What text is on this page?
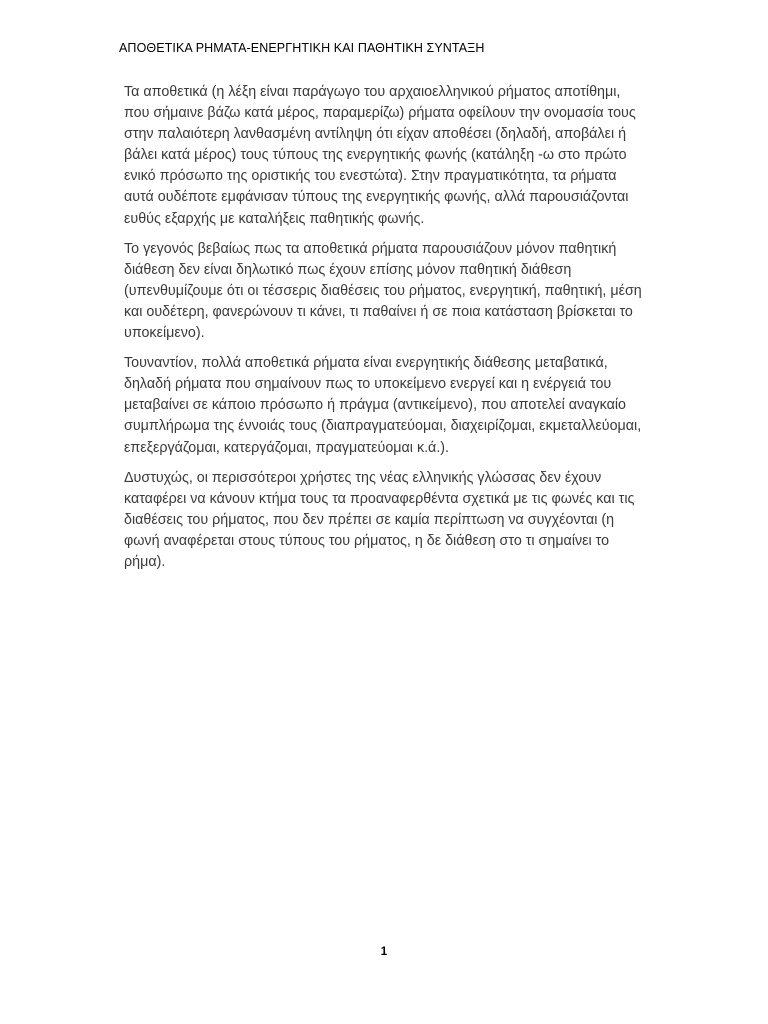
ΑΠΟΘΕΤΙΚΑ ΡΗΜΑΤΑ-ΕΝΕΡΓΗΤΙΚΗ ΚΑΙ ΠΑΘΗΤΙΚΗ ΣΥΝΤΑΞΗ

Τα αποθετικά (η λέξη είναι παράγωγο του αρχαιοελληνικού ρήματος αποτίθημι, που σήμαινε βάζω κατά μέρος, παραμερίζω) ρήματα οφείλουν την ονομασία τους στην παλαιότερη λανθασμένη αντίληψη ότι είχαν αποθέσει (δηλαδή, αποβάλει ή βάλει κατά μέρος) τους τύπους της ενεργητικής φωνής (κατάληξη -ω στο πρώτο ενικό πρόσωπο της οριστικής του ενεστώτα). Στην πραγματικότητα, τα ρήματα αυτά ουδέποτε εμφάνισαν τύπους της ενεργητικής φωνής, αλλά παρουσιάζονται ευθύς εξαρχής με καταλήξεις παθητικής φωνής.

Το γεγονός βεβαίως πως τα αποθετικά ρήματα παρουσιάζουν μόνον παθητική διάθεση δεν είναι δηλωτικό πως έχουν επίσης μόνον παθητική διάθεση (υπενθυμίζουμε ότι οι τέσσερις διαθέσεις του ρήματος, ενεργητική, παθητική, μέση και ουδέτερη, φανερώνουν τι κάνει, τι παθαίνει ή σε ποια κατάσταση βρίσκεται το υποκείμενο).

Τουναντίον, πολλά αποθετικά ρήματα είναι ενεργητικής διάθεσης μεταβατικά, δηλαδή ρήματα που σημαίνουν πως το υποκείμενο ενεργεί και η ενέργειά του μεταβαίνει σε κάποιο πρόσωπο ή πράγμα (αντικείμενο), που αποτελεί αναγκαίο συμπλήρωμα της έννοιάς τους (διαπραγματεύομαι, διαχειρίζομαι, εκμεταλλεύομαι, επεξεργάζομαι, κατεργάζομαι, πραγματεύομαι κ.ά.).

Δυστυχώς, οι περισσότεροι χρήστες της νέας ελληνικής γλώσσας δεν έχουν καταφέρει να κάνουν κτήμα τους τα προαναφερθέντα σχετικά με τις φωνές και τις διαθέσεις του ρήματος, που δεν πρέπει σε καμία περίπτωση να συγχέονται (η φωνή αναφέρεται στους τύπους του ρήματος, η δε διάθεση στο τι σημαίνει το ρήμα).

1
